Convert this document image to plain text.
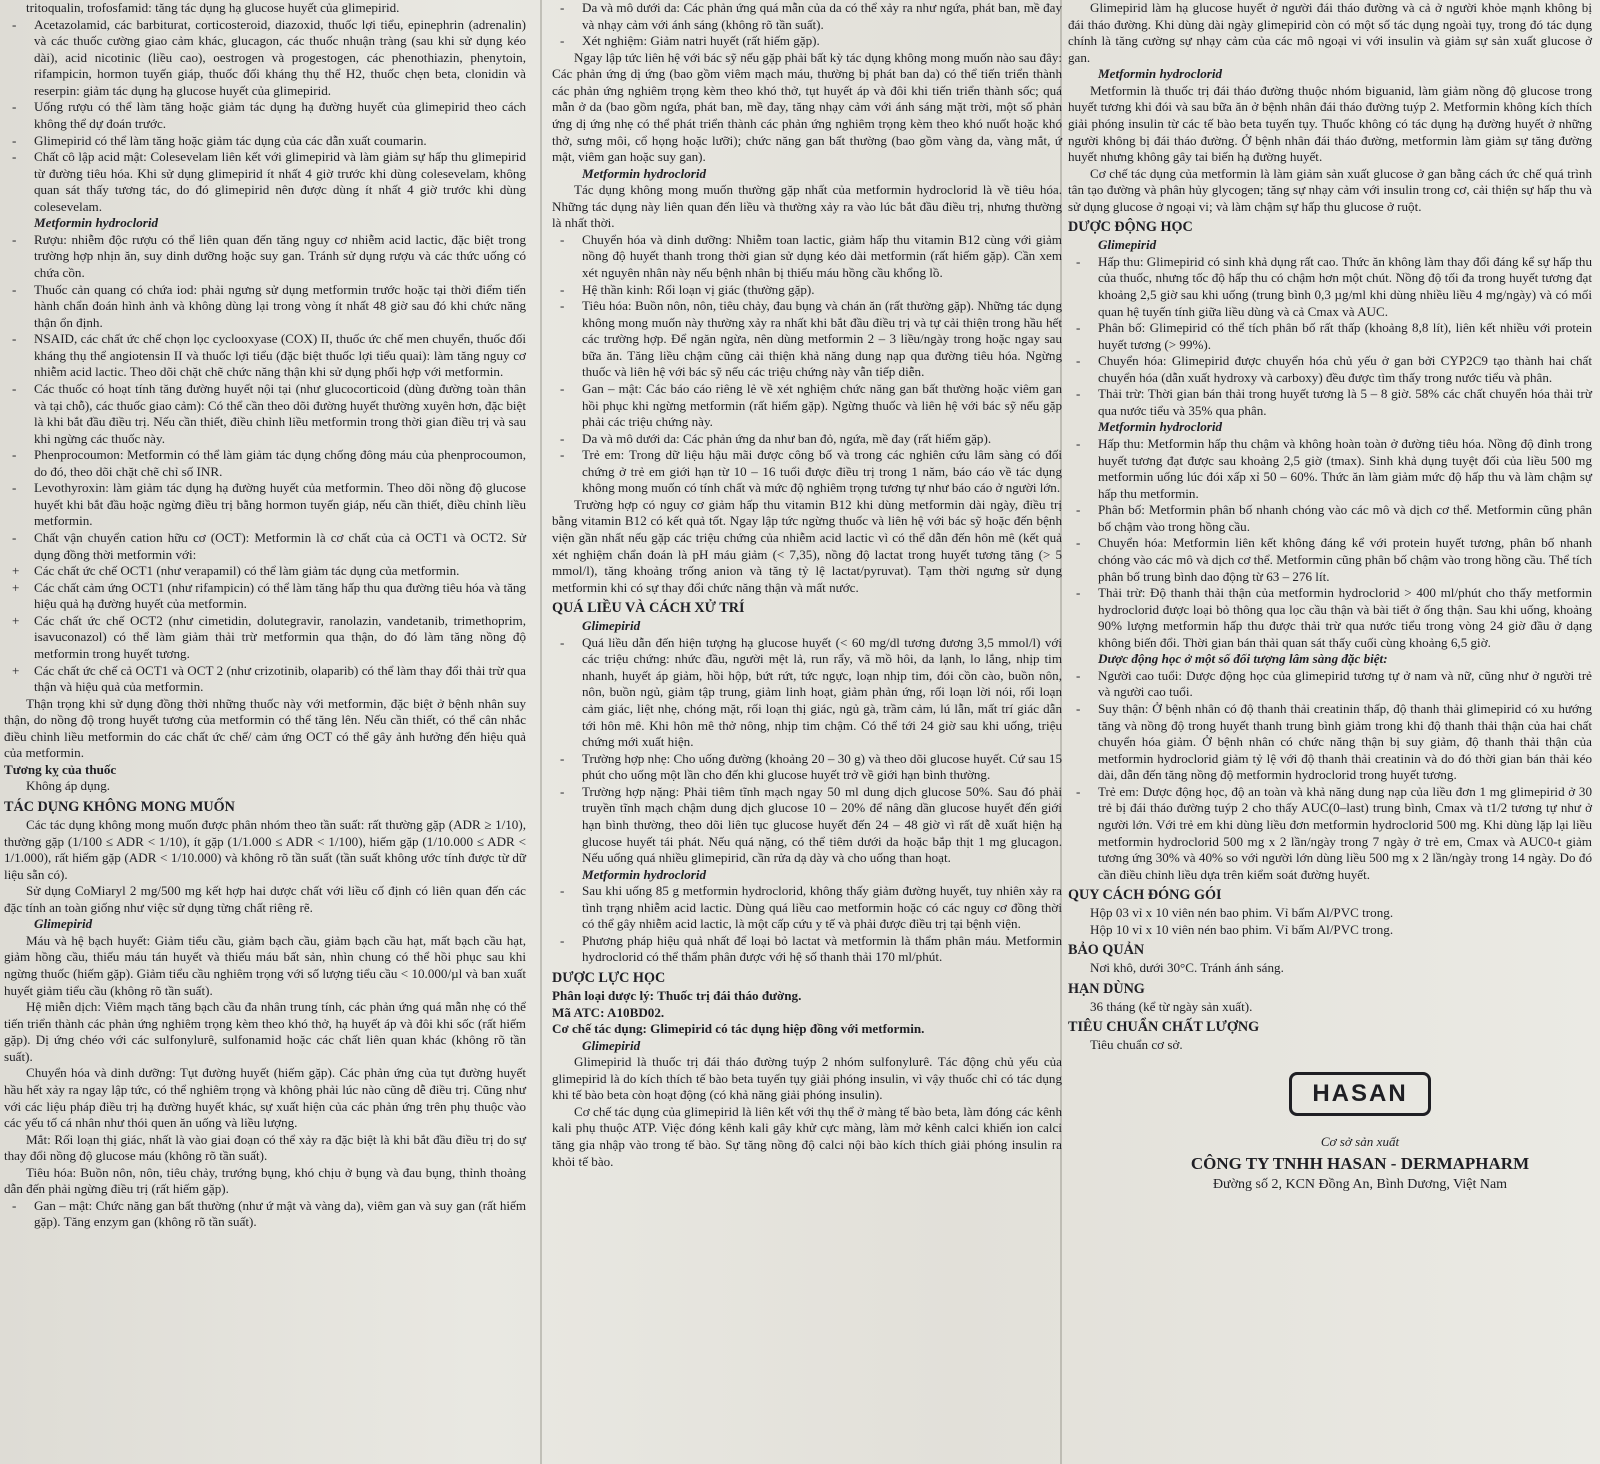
tritoqualin, trofosfamid: tăng tác dụng hạ glucose huyết của glimepirid.

- Acetazolamid, các barbiturat, corticosteroid, diazoxid, thuốc lợi tiểu, epinephrin (adrenalin) và các thuốc cường giao cảm khác, glucagon, các thuốc nhuận tràng (sau khi sử dụng kéo dài), acid nicotinic (liều cao), oestrogen và progestogen, các phenothiazin, phenytoin, rifampicin, hormon tuyến giáp, thuốc đối kháng thụ thể H2, thuốc chẹn beta, clonidin và reserpin: giảm tác dụng hạ glucose huyết của glimepirid.

- Uống rượu có thể làm tăng hoặc giảm tác dụng hạ đường huyết của glimepirid theo cách không thể dự đoán trước.

- Glimepirid có thể làm tăng hoặc giảm tác dụng của các dẫn xuất coumarin.

- Chất cô lập acid mật: Colesevelam liên kết với glimepirid và làm giảm sự hấp thu glimepirid từ đường tiêu hóa. Khi sử dụng glimepirid ít nhất 4 giờ trước khi dùng colesevelam, không quan sát thấy tương tác, do đó glimepirid nên được dùng ít nhất 4 giờ trước khi dùng colesevelam.

Metformin hydroclorid

- Rượu: nhiễm độc rượu có thể liên quan đến tăng nguy cơ nhiễm acid lactic, đặc biệt trong trường hợp nhịn ăn, suy dinh dưỡng hoặc suy gan. Tránh sử dụng rượu và các thức uống có chứa cồn.

- Thuốc cản quang có chứa iod: phải ngưng sử dụng metformin trước hoặc tại thời điểm tiến hành chẩn đoán hình ảnh và không dùng lại trong vòng ít nhất 48 giờ sau đó khi chức năng thận ổn định.

- NSAID, các chất ức chế chọn lọc cyclooxyase (COX) II, thuốc ức chế men chuyển, thuốc đối kháng thụ thể angiotensin II và thuốc lợi tiểu (đặc biệt thuốc lợi tiểu quai): làm tăng nguy cơ nhiễm acid lactic. Theo dõi chặt chẽ chức năng thận khi sử dụng phối hợp với metformin.

- Các thuốc có hoạt tính tăng đường huyết nội tại (như glucocorticoid (dùng đường toàn thân và tại chỗ), các thuốc giao cảm): Có thể cần theo dõi đường huyết thường xuyên hơn, đặc biệt là khi bắt đầu điều trị. Nếu cần thiết, điều chỉnh liều metformin trong thời gian điều trị và sau khi ngừng các thuốc này.

- Phenprocoumon: Metformin có thể làm giảm tác dụng chống đông máu của phenprocoumon, do đó, theo dõi chặt chẽ chỉ số INR.

- Levothyroxin: làm giảm tác dụng hạ đường huyết của metformin. Theo dõi nồng độ glucose huyết khi bắt đầu hoặc ngừng điều trị bằng hormon tuyến giáp, nếu cần thiết, điều chỉnh liều metformin.

- Chất vận chuyển cation hữu cơ (OCT): Metformin là cơ chất của cả OCT1 và OCT2. Sử dụng đồng thời metformin với:

+ Các chất ức chế OCT1 (như verapamil) có thể làm giảm tác dụng của metformin.

+ Các chất cảm ứng OCT1 (như rifampicin) có thể làm tăng hấp thu qua đường tiêu hóa và tăng hiệu quả hạ đường huyết của metformin.

+ Các chất ức chế OCT2 (như cimetidin, dolutegravir, ranolazin, vandetanib, trimethoprim, isavuconazol) có thể làm giảm thải trừ metformin qua thận, do đó làm tăng nồng độ metformin trong huyết tương.

+ Các chất ức chế cả OCT1 và OCT 2 (như crizotinib, olaparib) có thể làm thay đổi thải trừ qua thận và hiệu quả của metformin.

Thận trọng khi sử dụng đồng thời những thuốc này với metformin, đặc biệt ở bệnh nhân suy thận, do nồng độ trong huyết tương của metformin có thể tăng lên. Nếu cần thiết, có thể cân nhắc điều chỉnh liều metformin do các chất ức chế/ cảm ứng OCT có thể gây ảnh hưởng đến hiệu quả của metformin.

Tương kỵ của thuốc

Không áp dụng.

TÁC DỤNG KHÔNG MONG MUỐN

Các tác dụng không mong muốn được phân nhóm theo tần suất: rất thường gặp (ADR ≥ 1/10), thường gặp (1/100 ≤ ADR < 1/10), ít gặp (1/1.000 ≤ ADR < 1/100), hiếm gặp (1/10.000 ≤ ADR < 1/1.000), rất hiếm gặp (ADR < 1/10.000) và không rõ tần suất (tần suất không ước tính được từ dữ liệu sẵn có).

Sử dụng CoMiaryl 2 mg/500 mg kết hợp hai dược chất với liều cố định có liên quan đến các đặc tính an toàn giống như việc sử dụng từng chất riêng rẽ.

Glimepirid

Máu và hệ bạch huyết: Giảm tiểu cầu, giảm bạch cầu, giảm bạch cầu hạt, mất bạch cầu hạt, giảm hồng cầu, thiếu máu tán huyết và thiếu máu bất sản, nhìn chung có thể hồi phục sau khi ngừng thuốc (hiếm gặp). Giảm tiểu cầu nghiêm trọng với số lượng tiểu cầu < 10.000/µl và ban xuất huyết giảm tiểu cầu (không rõ tần suất).

Hệ miễn dịch: Viêm mạch tăng bạch cầu đa nhân trung tính, các phản ứng quá mẫn nhẹ có thể tiến triển thành các phản ứng nghiêm trọng kèm theo khó thở, hạ huyết áp và đôi khi sốc (rất hiếm gặp). Dị ứng chéo với các sulfonylurê, sulfonamid hoặc các chất liên quan khác (không rõ tần suất).

Chuyển hóa và dinh dưỡng: Tụt đường huyết (hiếm gặp). Các phản ứng của tụt đường huyết hầu hết xảy ra ngay lập tức, có thể nghiêm trọng và không phải lúc nào cũng dễ điều trị. Cũng như với các liệu pháp điều trị hạ đường huyết khác, sự xuất hiện của các phản ứng trên phụ thuộc vào các yếu tố cá nhân như thói quen ăn uống và liều lượng.

Mắt: Rối loạn thị giác, nhất là vào giai đoạn có thể xảy ra đặc biệt là khi bắt đầu điều trị do sự thay đổi nồng độ glucose máu (không rõ tần suất).

Tiêu hóa: Buồn nôn, nôn, tiêu chảy, trướng bụng, khó chịu ở bụng và đau bụng, thỉnh thoảng dẫn đến phải ngừng điều trị (rất hiếm gặp).

- Gan – mật: Chức năng gan bất thường (như ứ mật và vàng da), viêm gan và suy gan (rất hiếm gặp). Tăng enzym gan (không rõ tần suất).

- Da và mô dưới da: Các phản ứng quá mẫn của da có thể xảy ra như ngứa, phát ban, mề đay và nhạy cảm với ánh sáng (không rõ tần suất).

- Xét nghiệm: Giảm natri huyết (rất hiếm gặp).

Ngay lập tức liên hệ với bác sỹ nếu gặp phải bất kỳ tác dụng không mong muốn nào sau đây: Các phản ứng dị ứng (bao gồm viêm mạch máu, thường bị phát ban da) có thể tiến triển thành các phản ứng nghiêm trọng kèm theo khó thở, tụt huyết áp và đôi khi tiến triển thành sốc; quá mẫn ở da (bao gồm ngứa, phát ban, mề đay, tăng nhạy cảm với ánh sáng mặt trời, một số phản ứng dị ứng nhẹ có thể phát triển thành các phản ứng nghiêm trọng kèm theo khó nuốt hoặc khó thở, sưng môi, cổ họng hoặc lưỡi); chức năng gan bất thường (bao gồm vàng da, vàng mắt, ứ mật, viêm gan hoặc suy gan).

Metformin hydroclorid

Tác dụng không mong muốn thường gặp nhất của metformin hydroclorid là về tiêu hóa. Những tác dụng này liên quan đến liều và thường xảy ra vào lúc bắt đầu điều trị, nhưng thường là nhất thời.

- Chuyển hóa và dinh dưỡng: Nhiễm toan lactic, giảm hấp thu vitamin B12 cùng với giảm nồng độ huyết thanh trong thời gian sử dụng kéo dài metformin (rất hiếm gặp). Cần xem xét nguyên nhân này nếu bệnh nhân bị thiếu máu hồng cầu khổng lồ.

- Hệ thần kinh: Rối loạn vị giác (thường gặp).

- Tiêu hóa: Buồn nôn, nôn, tiêu chảy, đau bụng và chán ăn (rất thường gặp). Những tác dụng không mong muốn này thường xảy ra nhất khi bắt đầu điều trị và tự cải thiện trong hầu hết các trường hợp. Để ngăn ngừa, nên dùng metformin 2 – 3 liều/ngày trong hoặc ngay sau bữa ăn. Tăng liều chậm cũng cải thiện khả năng dung nạp qua đường tiêu hóa. Ngừng thuốc và liên hệ với bác sỹ nếu các triệu chứng này vẫn tiếp diễn.

- Gan – mật: Các báo cáo riêng lẻ về xét nghiệm chức năng gan bất thường hoặc viêm gan hồi phục khi ngừng metformin (rất hiếm gặp). Ngừng thuốc và liên hệ với bác sỹ nếu gặp phải các triệu chứng này.

- Da và mô dưới da: Các phản ứng da như ban đỏ, ngứa, mề đay (rất hiếm gặp).

- Trẻ em: Trong dữ liệu hậu mãi được công bố và trong các nghiên cứu lâm sàng có đối chứng ở trẻ em giới hạn từ 10 – 16 tuổi được điều trị trong 1 năm, báo cáo về tác dụng không mong muốn có tính chất và mức độ nghiêm trọng tương tự như báo cáo ở người lớn.

Trường hợp có nguy cơ giảm hấp thu vitamin B12 khi dùng metformin dài ngày, điều trị bằng vitamin B12 có kết quả tốt. Ngay lập tức ngừng thuốc và liên hệ với bác sỹ hoặc đến bệnh viện gần nhất nếu gặp các triệu chứng của nhiễm acid lactic vì có thể dẫn đến hôn mê (kết quả xét nghiệm chẩn đoán là pH máu giảm (< 7,35), nồng độ lactat trong huyết tương tăng (> 5 mmol/l), tăng khoảng trống anion và tăng tỷ lệ lactat/pyruvat). Tạm thời ngưng sử dụng metformin khi có sự thay đổi chức năng thận và mất nước.

QUÁ LIỀU VÀ CÁCH XỬ TRÍ

Glimepirid

- Quá liều dẫn đến hiện tượng hạ glucose huyết (< 60 mg/dl tương đương 3,5 mmol/l) với các triệu chứng: nhức đầu, người mệt lả, run rẩy, vã mồ hôi, da lạnh, lo lắng, nhịp tim nhanh, huyết áp giảm, hồi hộp, bứt rứt, tức ngực, loạn nhịp tim, đói cồn cào, buồn nôn, nôn, buồn ngủ, giảm tập trung, giảm linh hoạt, giảm phản ứng, rối loạn lời nói, rối loạn cảm giác, liệt nhẹ, chóng mặt, rối loạn thị giác, ngủ gà, trầm cảm, lú lẫn, mất trí giác dẫn tới hôn mê. Khi hôn mê thở nông, nhịp tim chậm. Có thể tới 24 giờ sau khi uống, triệu chứng mới xuất hiện.

- Trường hợp nhẹ: Cho uống đường (khoảng 20 – 30 g) và theo dõi glucose huyết. Cứ sau 15 phút cho uống một lần cho đến khi glucose huyết trở về giới hạn bình thường.

- Trường hợp nặng: Phải tiêm tĩnh mạch ngay 50 ml dung dịch glucose 50%. Sau đó phải truyền tĩnh mạch chậm dung dịch glucose 10 – 20% để nâng dần glucose huyết đến giới hạn bình thường, theo dõi liên tục glucose huyết đến 24 – 48 giờ vì rất dễ xuất hiện hạ glucose huyết tái phát. Nếu quá nặng, có thể tiêm dưới da hoặc bắp thịt 1 mg glucagon. Nếu uống quá nhiều glimepirid, cần rửa dạ dày và cho uống than hoạt.

Metformin hydroclorid

- Sau khi uống 85 g metformin hydroclorid, không thấy giảm đường huyết, tuy nhiên xảy ra tình trạng nhiễm acid lactic. Dùng quá liều cao metformin hoặc có các nguy cơ đồng thời có thể gây nhiễm acid lactic, là một cấp cứu y tế và phải được điều trị tại bệnh viện.

- Phương pháp hiệu quả nhất để loại bỏ lactat và metformin là thẩm phân máu. Metformin hydroclorid có thể thẩm phân được với hệ số thanh thải 170 ml/phút.

DƯỢC LỰC HỌC

Phân loại dược lý: Thuốc trị đái tháo đường.

Mã ATC: A10BD02.

Cơ chế tác dụng: Glimepirid có tác dụng hiệp đồng với metformin.

Glimepirid

Glimepirid là thuốc trị đái tháo đường tuýp 2 nhóm sulfonylurê. Tác động chủ yếu của glimepirid là do kích thích tế bào beta tuyến tụy giải phóng insulin, vì vậy thuốc chỉ có tác dụng khi tế bào beta còn hoạt động (có khả năng giải phóng insulin).

Cơ chế tác dụng của glimepirid là liên kết với thụ thể ở màng tế bào beta, làm đóng các kênh kali phụ thuộc ATP. Việc đóng kênh kali gây khử cực màng, làm mở kênh calci khiến ion calci tăng gia nhập vào trong tế bào. Sự tăng nồng độ calci nội bào kích thích giải phóng insulin ra khỏi tế bào.

Glimepirid làm hạ glucose huyết ở người đái tháo đường và cả ở người khỏe mạnh không bị đái tháo đường. Khi dùng dài ngày glimepirid còn có một số tác dụng ngoài tụy, trong đó tác dụng chính là tăng cường sự nhạy cảm của các mô ngoại vi với insulin và giảm sự sản xuất glucose ở gan.

Metformin hydroclorid

Metformin là thuốc trị đái tháo đường thuộc nhóm biguanid, làm giảm nồng độ glucose trong huyết tương khi đói và sau bữa ăn ở bệnh nhân đái tháo đường tuýp 2. Metformin không kích thích giải phóng insulin từ các tế bào beta tuyến tụy. Thuốc không có tác dụng hạ đường huyết ở những người không bị đái tháo đường. Ở bệnh nhân đái tháo đường, metformin làm giảm sự tăng đường huyết nhưng không gây tai biến hạ đường huyết.

Cơ chế tác dụng của metformin là làm giảm sản xuất glucose ở gan bằng cách ức chế quá trình tân tạo đường và phân hủy glycogen; tăng sự nhạy cảm với insulin trong cơ, cải thiện sự hấp thu và sử dụng glucose ở ngoại vi; và làm chậm sự hấp thu glucose ở ruột.

DƯỢC ĐỘNG HỌC

Glimepirid

- Hấp thu: Glimepirid có sinh khả dụng rất cao. Thức ăn không làm thay đổi đáng kể sự hấp thu của thuốc, nhưng tốc độ hấp thu có chậm hơn một chút. Nồng độ tối đa trong huyết tương đạt khoảng 2,5 giờ sau khi uống (trung bình 0,3 µg/ml khi dùng nhiều liều 4 mg/ngày) và có mối quan hệ tuyến tính giữa liều dùng và cả Cmax và AUC.

- Phân bố: Glimepirid có thể tích phân bố rất thấp (khoảng 8,8 lít), liên kết nhiều với protein huyết tương (> 99%).

- Chuyển hóa: Glimepirid được chuyển hóa chủ yếu ở gan bởi CYP2C9 tạo thành hai chất chuyển hóa (dẫn xuất hydroxy và carboxy) đều được tìm thấy trong nước tiểu và phân.

- Thải trừ: Thời gian bán thải trong huyết tương là 5 – 8 giờ. 58% các chất chuyển hóa thải trừ qua nước tiểu và 35% qua phân.

Metformin hydroclorid

- Hấp thu: Metformin hấp thu chậm và không hoàn toàn ở đường tiêu hóa. Nồng độ đỉnh trong huyết tương đạt được sau khoảng 2,5 giờ (tmax). Sinh khả dụng tuyệt đối của liều 500 mg metformin uống lúc đói xấp xỉ 50 – 60%. Thức ăn làm giảm mức độ hấp thu và làm chậm sự hấp thu metformin.

- Phân bố: Metformin phân bố nhanh chóng vào các mô và dịch cơ thể. Metformin cũng phân bố chậm vào trong hồng cầu.

- Chuyển hóa: Metformin liên kết không đáng kể với protein huyết tương, phân bố nhanh chóng vào các mô và dịch cơ thể. Metformin cũng phân bố chậm vào trong hồng cầu. Thể tích phân bố trung bình dao động từ 63 – 276 lít.

- Thải trừ: Độ thanh thải thận của metformin hydroclorid > 400 ml/phút cho thấy metformin hydroclorid được loại bỏ thông qua lọc cầu thận và bài tiết ở ống thận. Sau khi uống, khoảng 90% lượng metformin hấp thu được thải trừ qua nước tiểu trong vòng 24 giờ đầu ở dạng không biến đổi. Thời gian bán thải quan sát thấy cuối cùng khoảng 6,5 giờ.

Dược động học ở một số đối tượng lâm sàng đặc biệt:

- Người cao tuổi: Dược động học của glimepirid tương tự ở nam và nữ, cũng như ở người trẻ và người cao tuổi.

- Suy thận: Ở bệnh nhân có độ thanh thải creatinin thấp, độ thanh thải glimepirid có xu hướng tăng và nồng độ trong huyết thanh trung bình giảm trong khi độ thanh thải thận của hai chất chuyển hóa giảm. Ở bệnh nhân có chức năng thận bị suy giảm, độ thanh thải thận của metformin hydroclorid giảm tỷ lệ với độ thanh thải creatinin và do đó thời gian bán thải kéo dài, dẫn đến tăng nồng độ metformin hydroclorid trong huyết tương.

- Trẻ em: Dược động học, độ an toàn và khả năng dung nạp của liều đơn 1 mg glimepirid ở 30 trẻ bị đái tháo đường tuýp 2 cho thấy AUC(0–last) trung bình, Cmax và t1/2 tương tự như ở người lớn. Với trẻ em khi dùng liều đơn metformin hydroclorid 500 mg. Khi dùng lặp lại liều metformin hydroclorid 500 mg x 2 lần/ngày trong 7 ngày ở trẻ em, Cmax và AUC0-t giảm tương ứng 30% và 40% so với người lớn dùng liều 500 mg x 2 lần/ngày trong 14 ngày. Do đó cần điều chỉnh liều dựa trên kiểm soát đường huyết.

QUY CÁCH ĐÓNG GÓI

Hộp 03 vỉ x 10 viên nén bao phim. Vỉ bấm Al/PVC trong.

Hộp 10 vỉ x 10 viên nén bao phim. Vỉ bấm Al/PVC trong.

BẢO QUẢN

Nơi khô, dưới 30°C. Tránh ánh sáng.

HẠN DÙNG

36 tháng (kể từ ngày sản xuất).

TIÊU CHUẨN CHẤT LƯỢNG

Tiêu chuẩn cơ sở.

HASAN

Cơ sở sản xuất

CÔNG TY TNHH HASAN - DERMAPHARM

Đường số 2, KCN Đồng An, Bình Dương, Việt Nam
